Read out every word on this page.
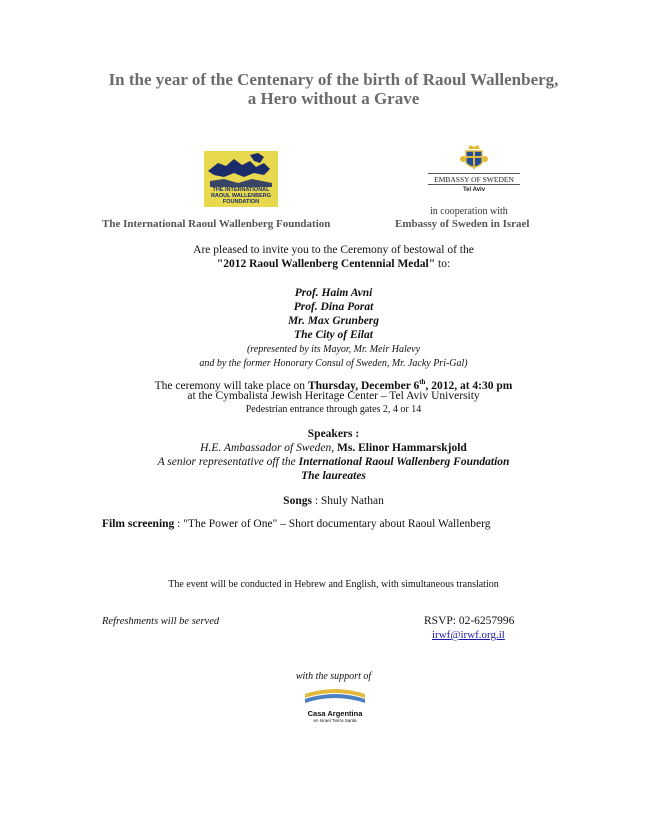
In the year of the Centenary of the birth of Raoul Wallenberg,
a Hero without a Grave
THE INTERNATIONAL
RAOUL WALLENBERG
FOUNDATION
EMBASSY OF SWEDEN
Tel Aviv
in cooperation with
The International Raoul Wallenberg Foundation	Embassy of Sweden in Israel
Are pleased to invite you to the Ceremony of bestowal of the
"2012 Raoul Wallenberg Centennial Medal" to:
Prof. Haim Avni
Prof. Dina Porat
Mr. Max Grunberg
The City of Eilat
(represented by its Mayor, Mr. Meir Halevy
and by the former Honorary Consul of Sweden, Mr. Jacky Pri-Gal)
The ceremony will take place on Thursday, December 6th, 2012, at 4:30 pm
at the Cymbalista Jewish Heritage Center – Tel Aviv University
Pedestrian entrance through gates 2, 4 or 14
Speakers :
H.E. Ambassador of Sweden, Ms. Elinor Hammarskjold
A senior representative off the International Raoul Wallenberg Foundation
The laureates
Songs : Shuly Nathan
Film screening : "The Power of One" – Short documentary about Raoul Wallenberg
The event will be conducted in Hebrew and English, with simultaneous translation
Refreshments will be served	RSVP: 02-6257996
irwf@irwf.org.il
with the support of
Casa Argentina
en Israel Tierra Santa
